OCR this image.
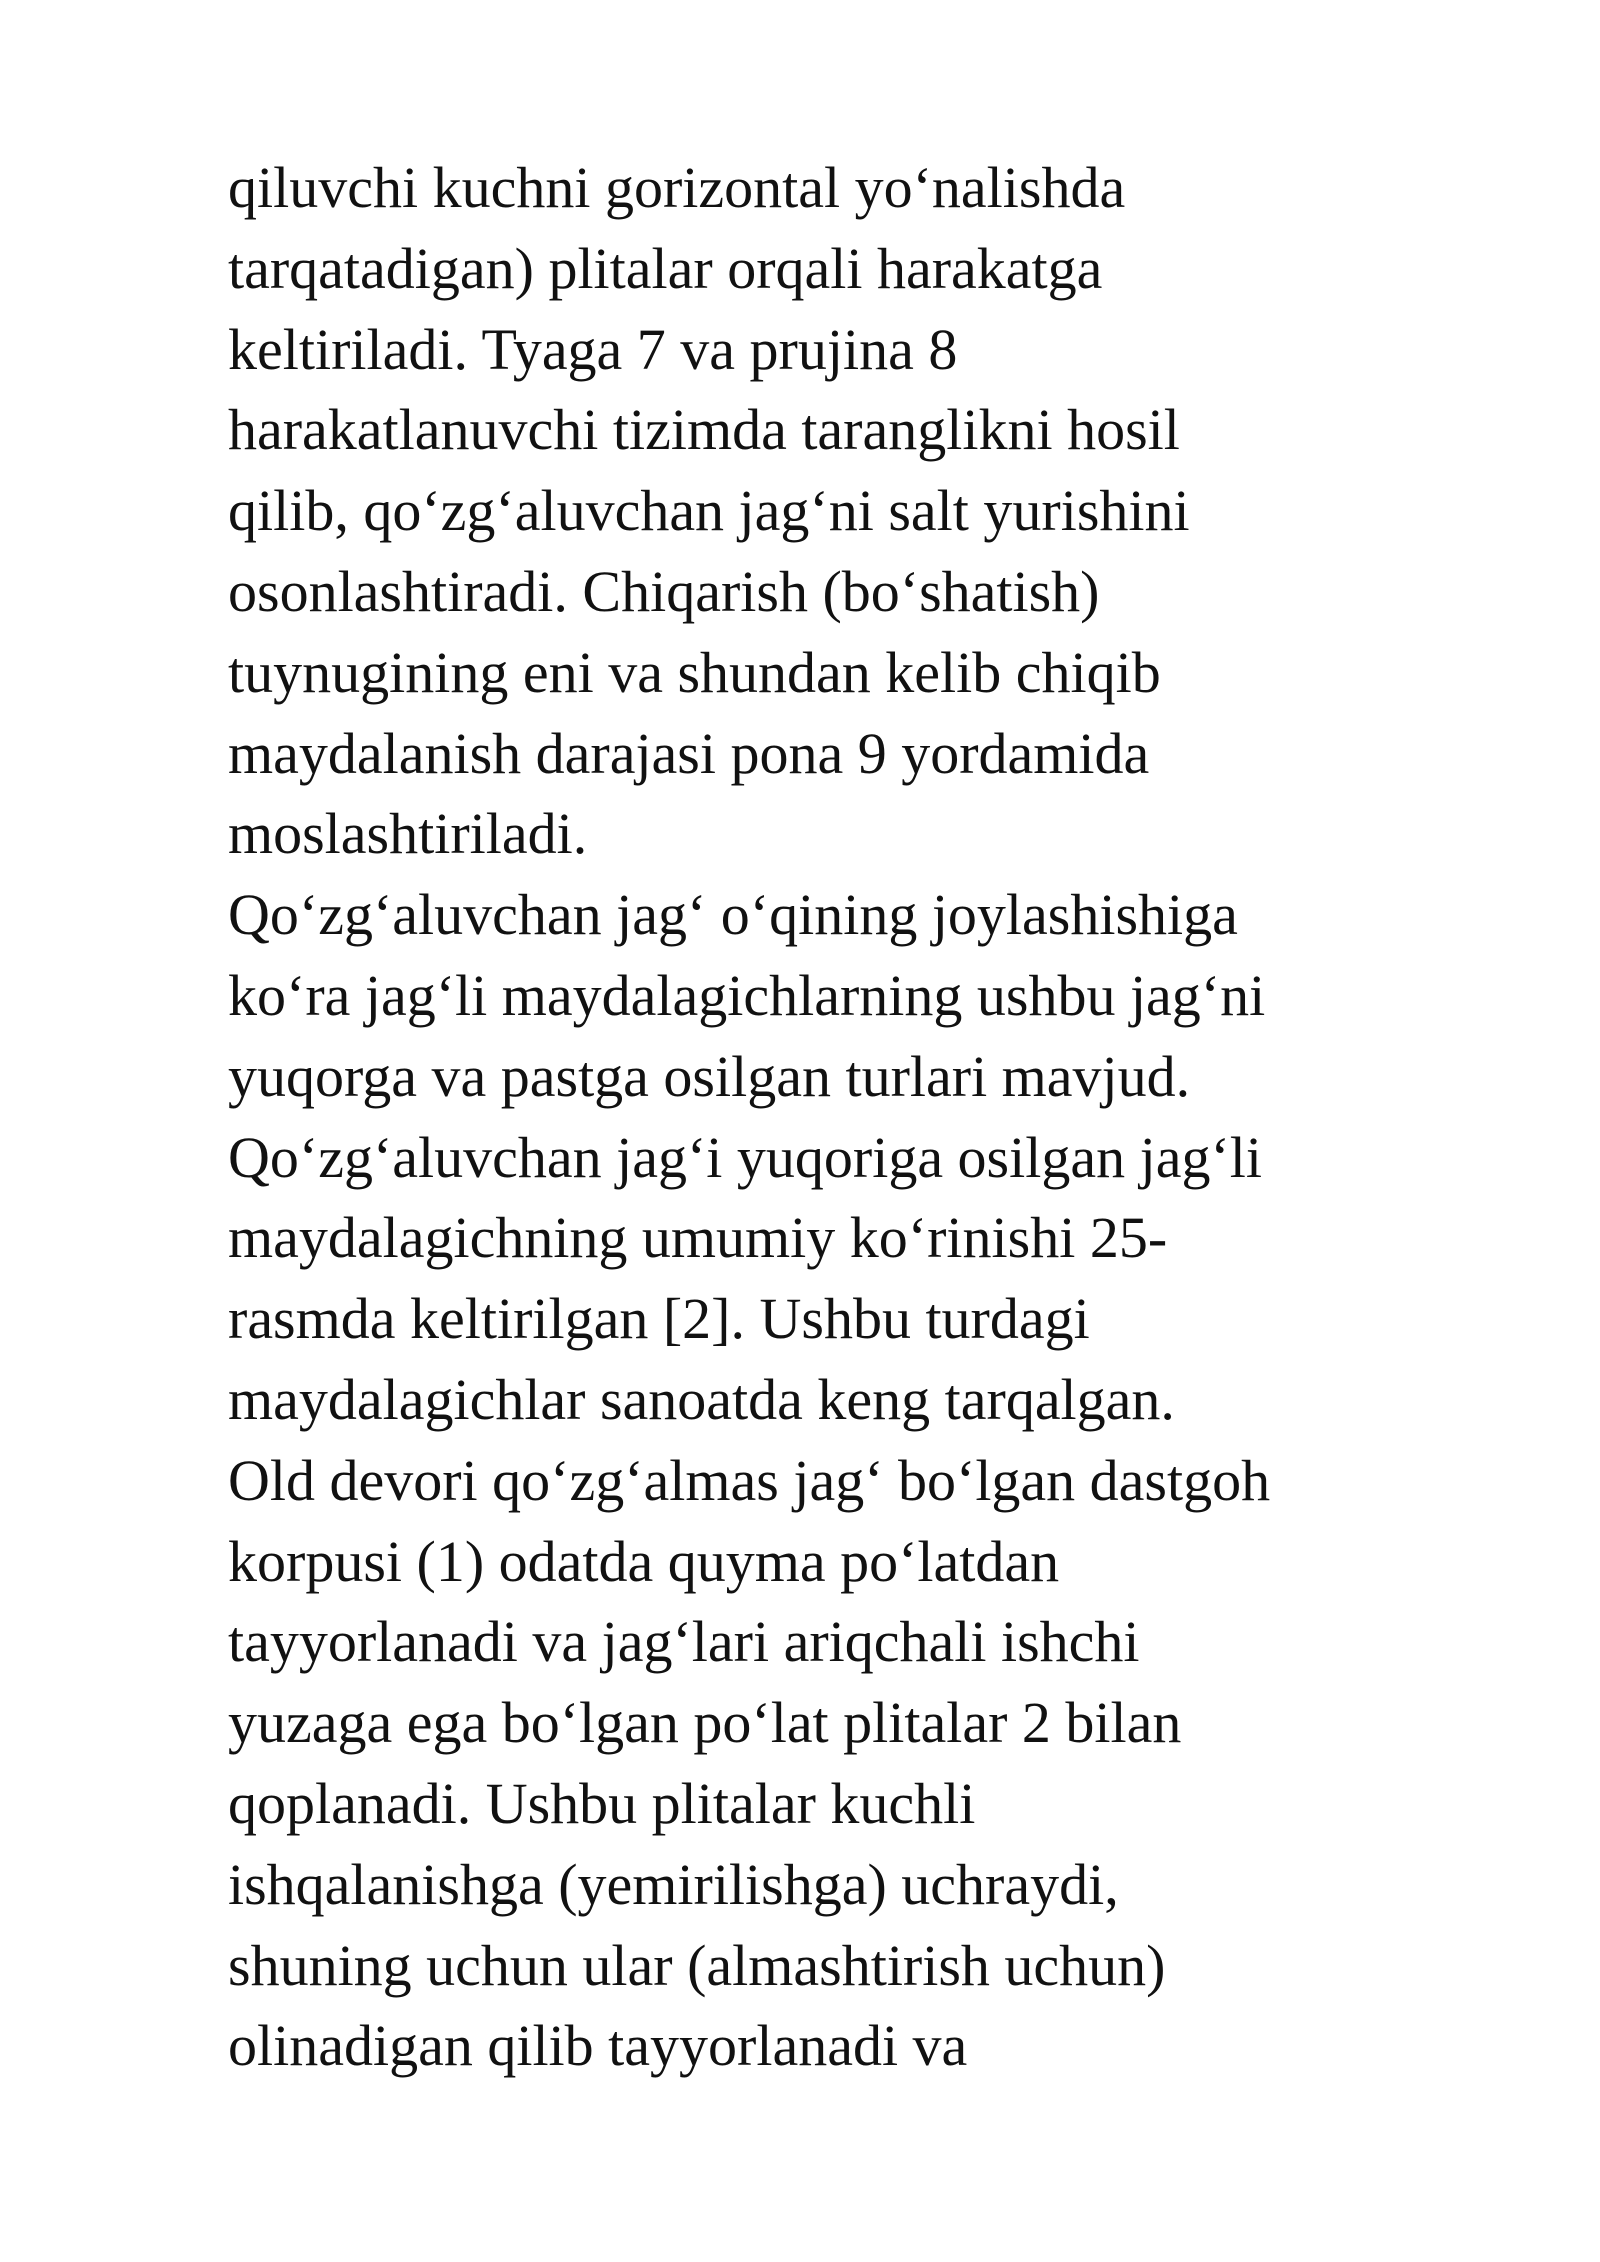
qiluvchi kuchni gorizontal yo‘nalishda
tarqatadigan) plitalar orqali harakatga
keltiriladi. Tyaga 7 va prujina 8
harakatlanuvchi tizimda taranglikni hosil
qilib, qo‘zg‘aluvchan jag‘ni salt yurishini
osonlashtiradi. Chiqarish (bo‘shatish)
tuynugining eni va shundan kelib chiqib
maydalanish darajasi pona 9 yordamida
moslashtiriladi.
Qo‘zg‘aluvchan jag‘ o‘qining joylashishiga
ko‘ra jag‘li maydalagichlarning ushbu jag‘ni
yuqorga va pastga osilgan turlari mavjud.
Qo‘zg‘aluvchan jag‘i yuqoriga osilgan jag‘li
maydalagichning umumiy ko‘rinishi 25-
rasmda keltirilgan [2]. Ushbu turdagi
maydalagichlar sanoatda keng tarqalgan.
Old devori qo‘zg‘almas jag‘ bo‘lgan dastgoh
korpusi (1) odatda quyma po‘latdan
tayyorlanadi va jag‘lari ariqchali ishchi
yuzaga ega bo‘lgan po‘lat plitalar 2 bilan
qoplanadi. Ushbu plitalar kuchli
ishqalanishga (yemirilishga) uchraydi,
shuning uchun ular (almashtirish uchun)
olinadigan qilib tayyorlanadi va
